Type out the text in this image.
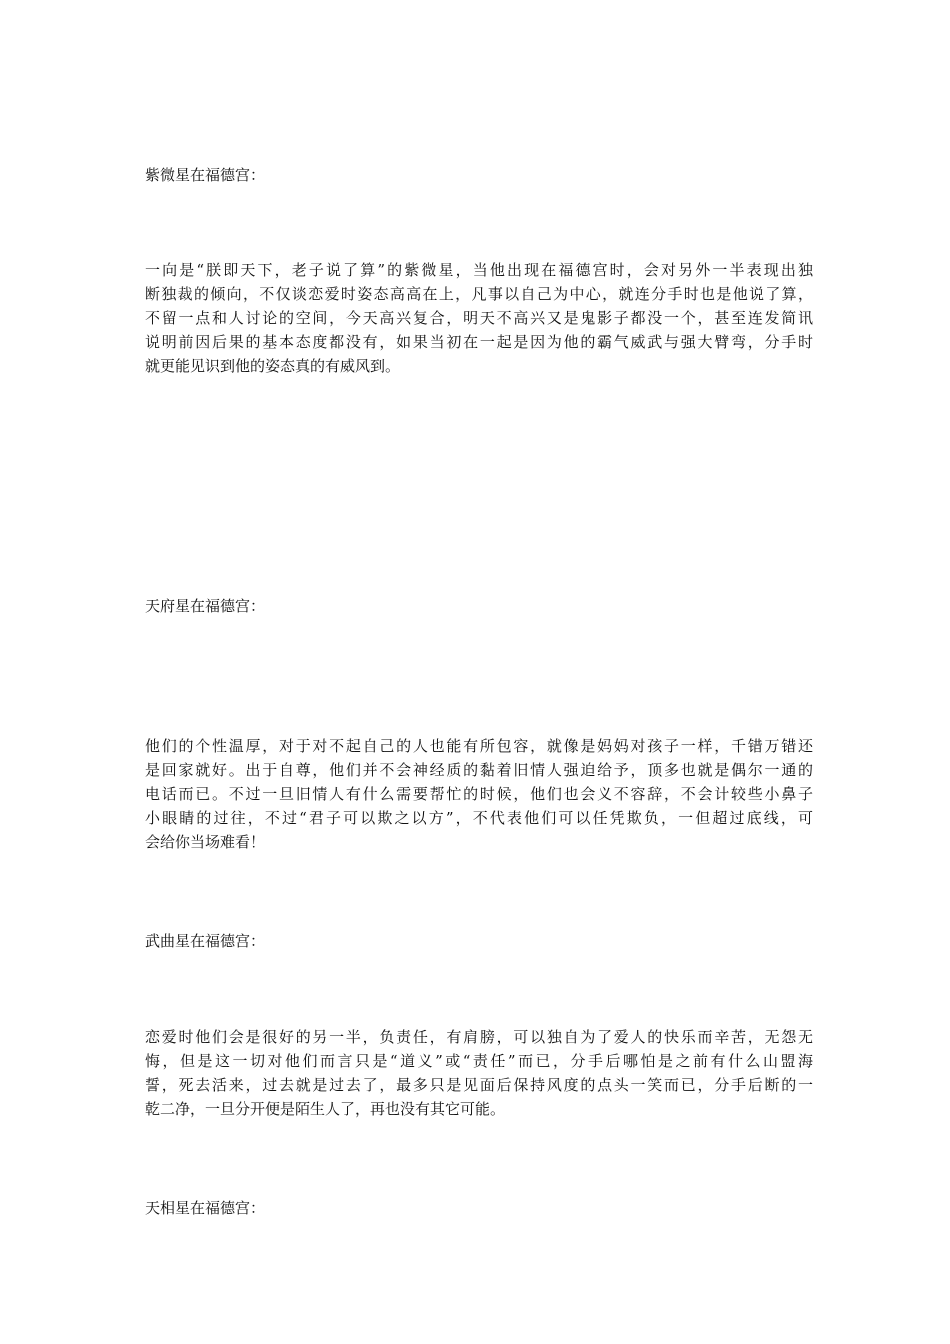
紫微星在福德宫：
一向是“朕即天下，老子说了算”的紫微星，当他出现在福德宫时，会对另外一半表现出独
断独裁的倾向，不仅谈恋爱时姿态高高在上，凡事以自己为中心，就连分手时也是他说了算，
不留一点和人讨论的空间，今天高兴复合，明天不高兴又是鬼影子都没一个，甚至连发简讯
说明前因后果的基本态度都没有，如果当初在一起是因为他的霸气威武与强大臂弯，分手时
就更能见识到他的姿态真的有威风到。
天府星在福德宫：
他们的个性温厚，对于对不起自己的人也能有所包容，就像是妈妈对孩子一样，千错万错还
是回家就好。出于自尊，他们并不会神经质的黏着旧情人强迫给予，顶多也就是偶尔一通的
电话而已。不过一旦旧情人有什么需要帮忙的时候，他们也会义不容辞，不会计较些小鼻子
小眼睛的过往，不过“君子可以欺之以方”，不代表他们可以任凭欺负，一但超过底线，可
会给你当场难看！
武曲星在福德宫：
恋爱时他们会是很好的另一半，负责任，有肩膀，可以独自为了爱人的快乐而辛苦，无怨无
悔，但是这一切对他们而言只是“道义”或“责任”而已，分手后哪怕是之前有什么山盟海
誓，死去活来，过去就是过去了，最多只是见面后保持风度的点头一笑而已，分手后断的一
乾二净，一旦分开便是陌生人了，再也没有其它可能。
天相星在福德宫：
